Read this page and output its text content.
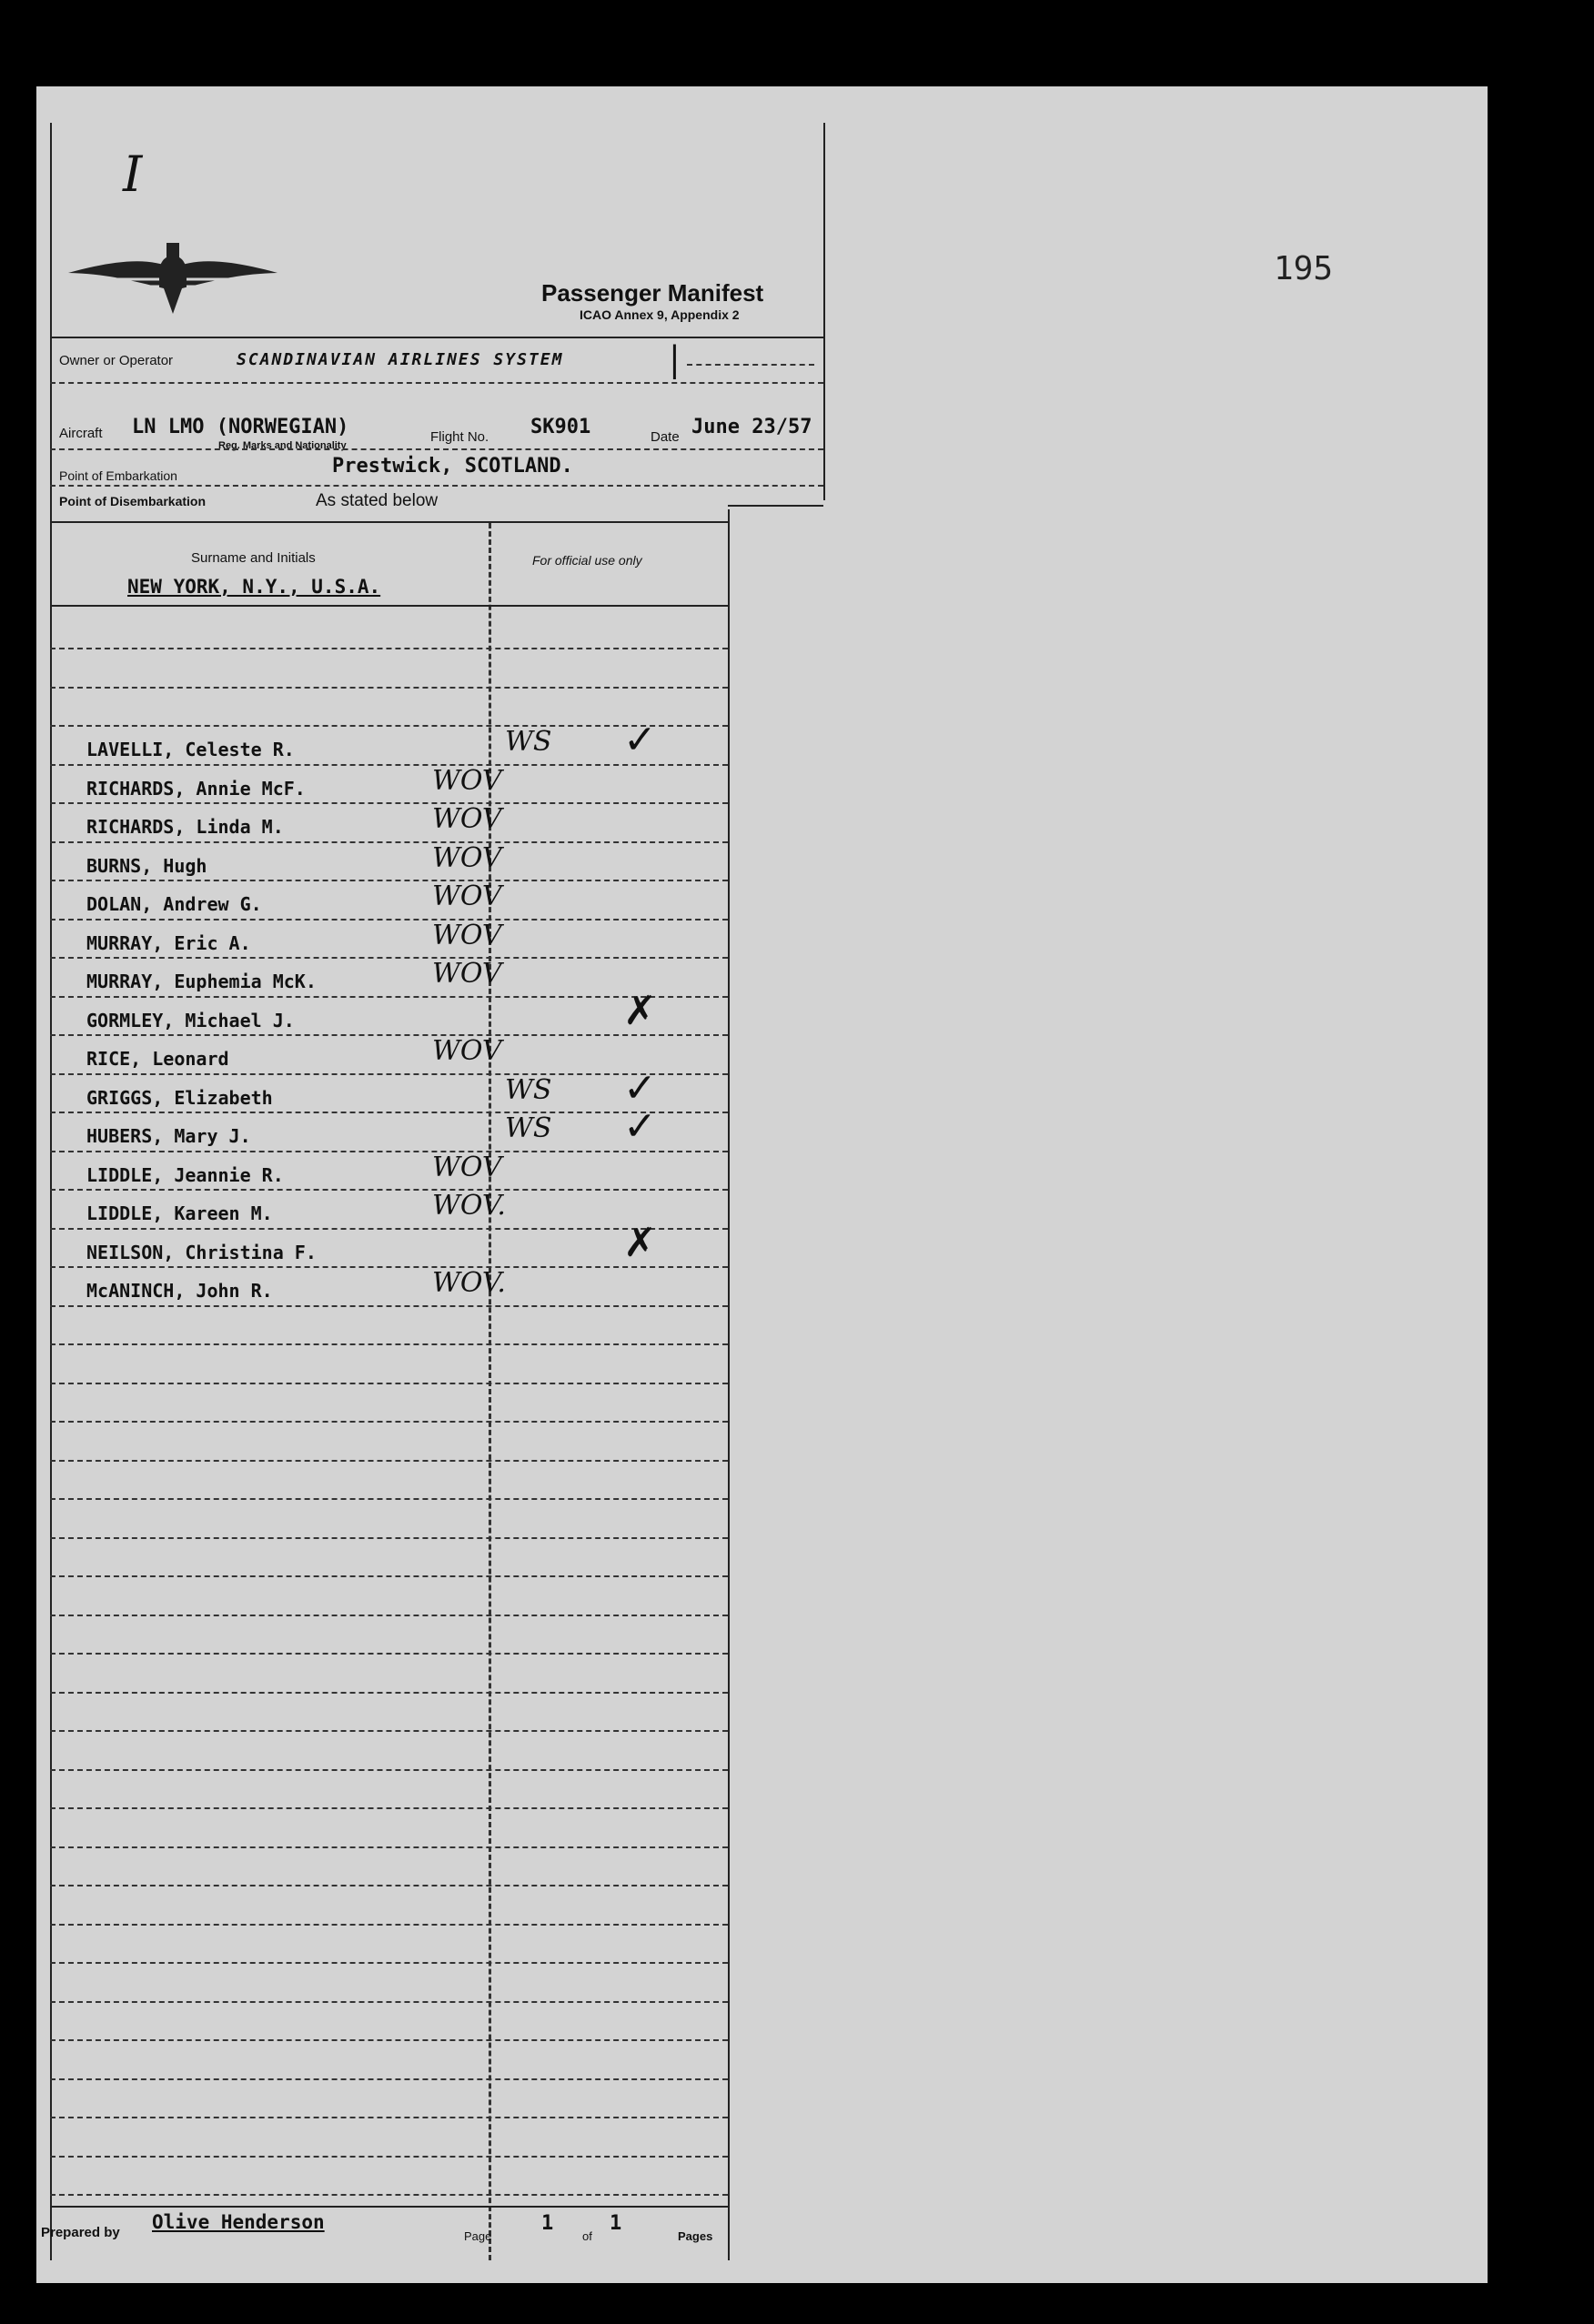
195
I
Passenger Manifest
ICAO Annex 9, Appendix 2
Owner or Operator	SCANDINAVIAN AIRLINES SYSTEM	|
Aircraft LN LMO (NORWEGIAN)
Reg. Marks and Nationality
Flight No. SK901	Date June 23/57
Point of Embarkation	Prestwick, SCOTLAND.
Point of Disembarkation	As stated below
Surname and Initials	For official use only
NEW YORK, N.Y., U.S.A.
LAVELLI, Celeste R.	WS ✓
RICHARDS, Annie McF.	WOV
RICHARDS, Linda M.	WOV
BURNS, Hugh	WOV
DOLAN, Andrew G.	WOV
MURRAY, Eric A.	WOV
MURRAY, Euphemia McK.	WOV
GORMLEY, Michael J.	✗
RICE, Leonard	WOV
GRIGGS, Elizabeth	WS ✓
HUBERS, Mary J.	WS ✓
LIDDLE, Jeannie R.	WOV
LIDDLE, Kareen M.	WOV.
NEILSON, Christina F.	✗
McANINCH, John R.	WOV.
Prepared by Olive Henderson
Page
1
of
1
Pages
